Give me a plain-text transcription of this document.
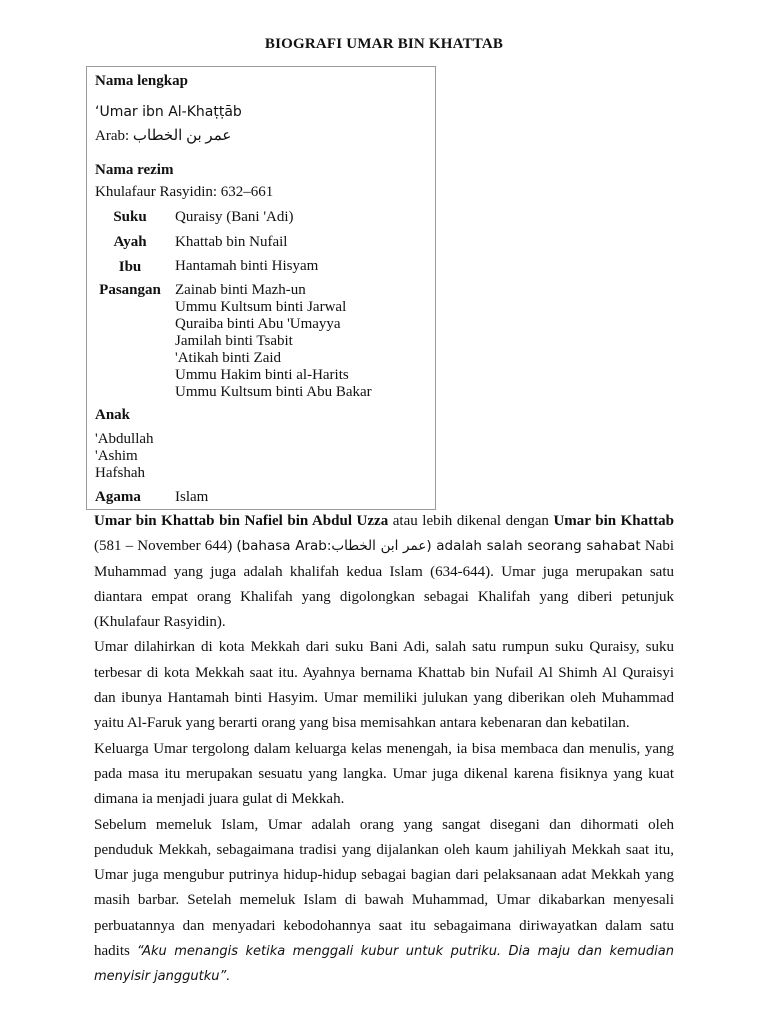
BIOGRAFI UMAR BIN KHATTAB
Nama lengkap
‘Umar ibn Al-Khaṭṭāb
Arab: عمر بن الخطاب
Nama rezim
Khulafaur Rasyidin: 632–661
Suku	Quraisy (Bani 'Adi)
Ayah	Khattab bin Nufail
Ibu	Hantamah binti Hisyam
Pasangan Zainab binti Mazh-un
Ummu Kultsum binti Jarwal
Quraiba binti Abu 'Umayya
Jamilah binti Tsabit
'Atikah binti Zaid
Ummu Hakim binti al-Harits
Ummu Kultsum binti Abu Bakar
Anak
'Abdullah
'Ashim
Hafshah
Agama Islam

Umar bin Khattab bin Nafiel bin Abdul Uzza atau lebih dikenal dengan Umar bin Khattab (581 – November 644) (bahasa Arab:عمر ابن الخطاب) adalah salah seorang sahabat Nabi Muhammad yang juga adalah khalifah kedua Islam (634-644). Umar juga merupakan satu diantara empat orang Khalifah yang digolongkan sebagai Khalifah yang diberi petunjuk (Khulafaur Rasyidin).

Umar dilahirkan di kota Mekkah dari suku Bani Adi, salah satu rumpun suku Quraisy, suku terbesar di kota Mekkah saat itu. Ayahnya bernama Khattab bin Nufail Al Shimh Al Quraisyi dan ibunya Hantamah binti Hasyim. Umar memiliki julukan yang diberikan oleh Muhammad yaitu Al-Faruk yang berarti orang yang bisa memisahkan antara kebenaran dan kebatilan.

Keluarga Umar tergolong dalam keluarga kelas menengah, ia bisa membaca dan menulis, yang pada masa itu merupakan sesuatu yang langka. Umar juga dikenal karena fisiknya yang kuat dimana ia menjadi juara gulat di Mekkah.

Sebelum memeluk Islam, Umar adalah orang yang sangat disegani dan dihormati oleh penduduk Mekkah, sebagaimana tradisi yang dijalankan oleh kaum jahiliyah Mekkah saat itu, Umar juga mengubur putrinya hidup-hidup sebagai bagian dari pelaksanaan adat Mekkah yang masih barbar. Setelah memeluk Islam di bawah Muhammad, Umar dikabarkan menyesali perbuatannya dan menyadari kebodohannya saat itu sebagaimana diriwayatkan dalam satu hadits “Aku menangis ketika menggali kubur untuk putriku. Dia maju dan kemudian menyisir janggutku”.
